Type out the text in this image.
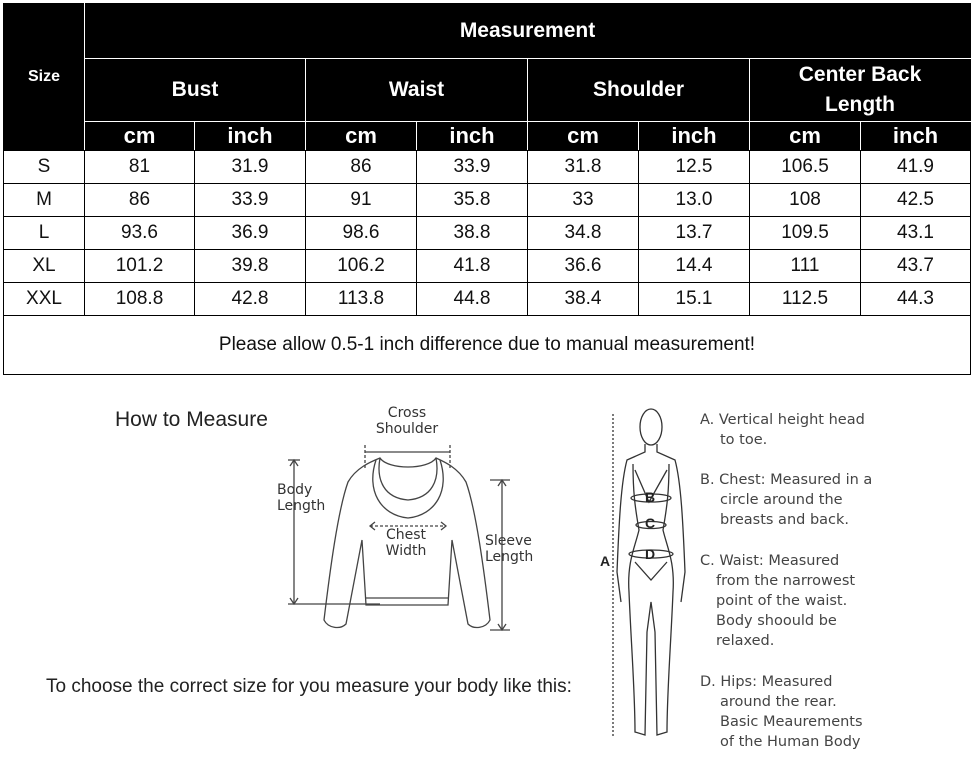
Size	Measurement							
	Bust		Waist		Shoulder		Center Back Length	
	cm	inch	cm	inch	cm	inch	cm	inch
S	81	31.9	86	33.9	31.8	12.5	106.5	41.9
M	86	33.9	91	35.8	33	13.0	108	42.5
L	93.6	36.9	98.6	38.8	34.8	13.7	109.5	43.1
XL	101.2	39.8	106.2	41.8	36.6	14.4	111	43.7
XXL	108.8	42.8	113.8	44.8	38.4	15.1	112.5	44.3
Please allow 0.5-1 inch difference due to manual measurement!								
How to Measure	Cross
Shoulder
Body
Length
Chest
Width
Sleeve
Length
B
C
D
A
A. Vertical height head
to toe.
B. Chest: Measured in a
circle around the
breasts and back.
C. Waist: Measured
from the narrowest
point of the waist.
Body shoould be
relaxed.
D. Hips: Measured
around the rear.
Basic Meaurements
of the Human Body
To choose the correct size for you measure your body like this:
